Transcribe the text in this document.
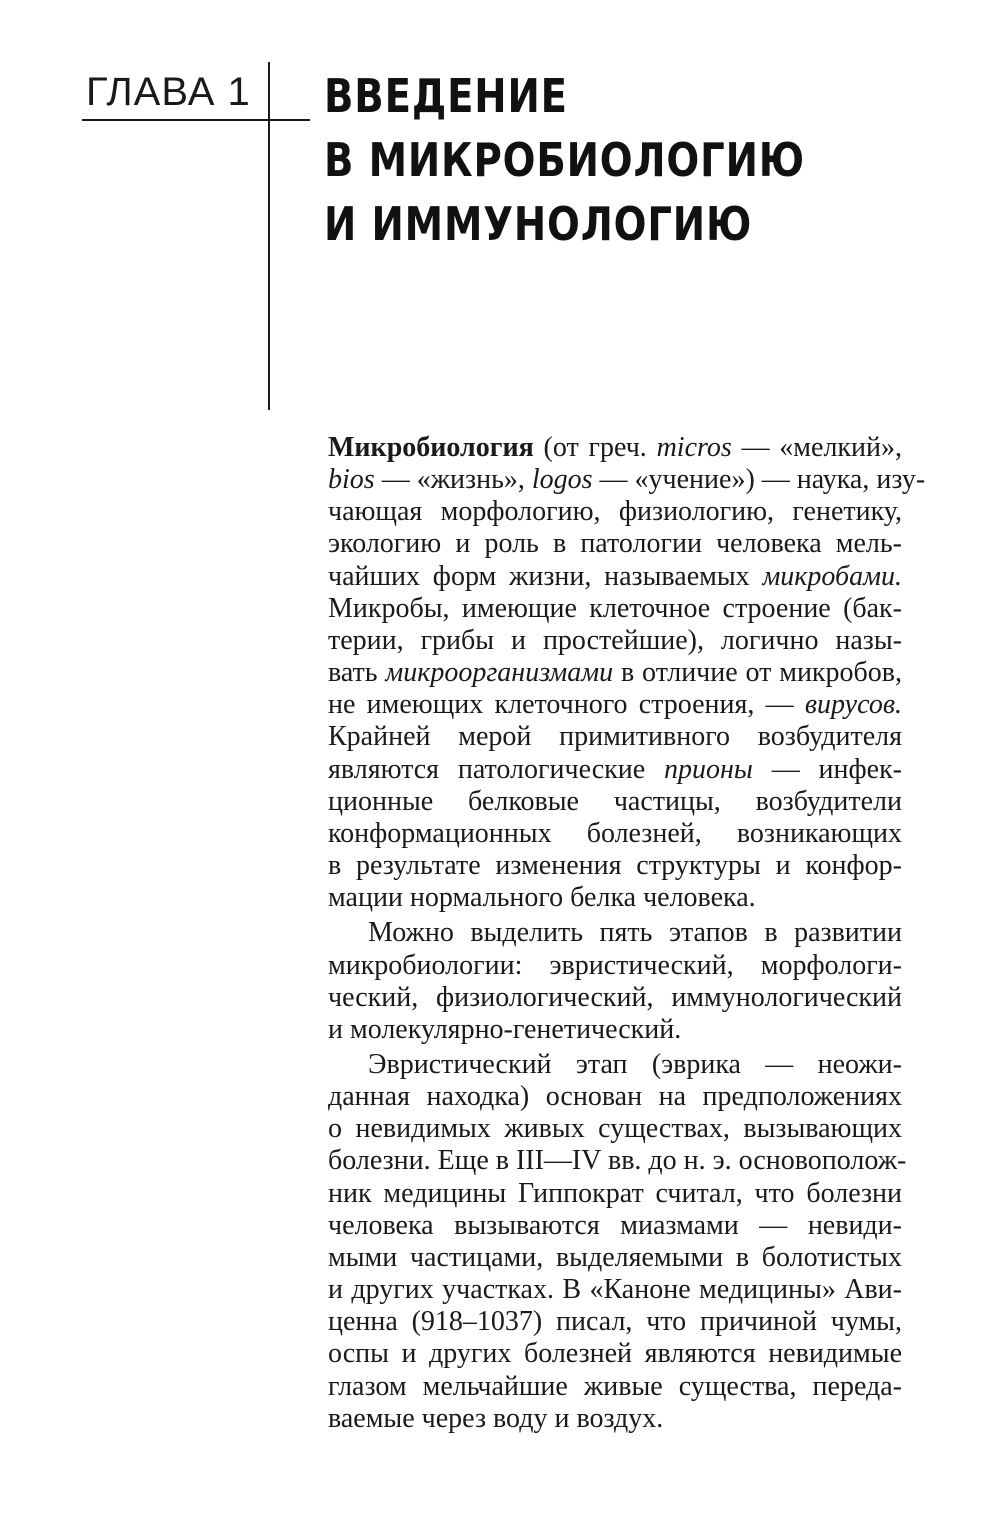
ГЛАВА 1 ВВЕДЕНИЕ
В МИКРОБИОЛОГИЮ
И ИММУНОЛОГИЮ
Микробиология (от греч. micros — «мелкий»,
bios — «жизнь», logos — «учение») — наука, изу-
чающая морфологию, физиологию, генетику,
экологию и роль в патологии человека мель-
чайших форм жизни, называемых микробами.
Микробы, имеющие клеточное строение (бак-
терии, грибы и простейшие), логично назы-
вать микроорганизмами в отличие от микробов,
не имеющих клеточного строения, — вирусов.
Крайней мерой примитивного возбудителя
являются патологические прионы — инфек-
ционные белковые частицы, возбудители
конформационных болезней, возникающих
в результате изменения структуры и конфор-
мации нормального белка человека.
Можно выделить пять этапов в развитии
микробиологии: эвристический, морфологи-
ческий, физиологический, иммунологический
и молекулярно-генетический.
Эвристический этап (эврика — неожи-
данная находка) основан на предположениях
о невидимых живых существах, вызывающих
болезни. Еще в III—IV вв. до н. э. основополож-
ник медицины Гиппократ считал, что болезни
человека вызываются миазмами — невиди-
мыми частицами, выделяемыми в болотистых
и других участках. В «Каноне медицины» Ави-
ценна (918–1037) писал, что причиной чумы,
оспы и других болезней являются невидимые
глазом мельчайшие живые существа, переда-
ваемые через воду и воздух.
